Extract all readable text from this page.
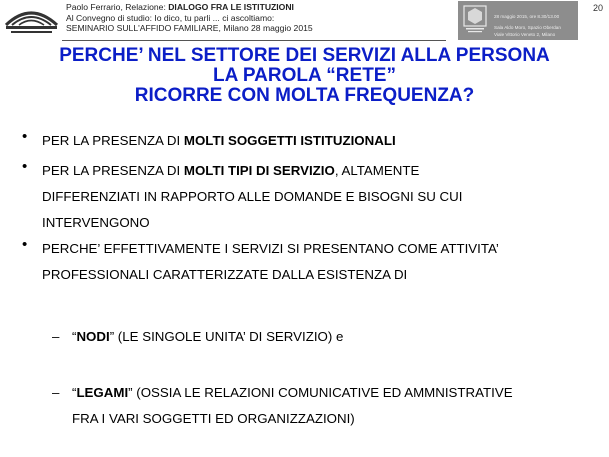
Paolo Ferrario, Relazione: DIALOGO FRA LE ISTITUZIONI
Al Convegno di studio: Io dico, tu parli ... ci ascoltiamo:
SEMINARIO SULL'AFFIDO FAMILIARE, Milano 28 maggio 2015
28 maggio 2015, ore 8.30/13.00
Sala Aldo Moro, Spazio Oberdan
Viale Vittorio Veneto 2, Milano
20
PERCHE’ NEL SETTORE DEI SERVIZI ALLA PERSONA
LA PAROLA “RETE”
RICORRE CON MOLTA FREQUENZA?
• PER LA PRESENZA DI MOLTI SOGGETTI ISTITUZIONALI
• PER LA PRESENZA DI MOLTI TIPI DI SERVIZIO, ALTAMENTE
DIFFERENZIATI IN RAPPORTO ALLE DOMANDE E BISOGNI SU CUI
INTERVENGONO
• PERCHE’ EFFETTIVAMENTE I SERVIZI SI PRESENTANO COME ATTIVITA’
PROFESSIONALI CARATTERIZZATE DALLA ESISTENZA DI
– “NODI” (LE SINGOLE UNITA’ DI SERVIZIO) e
– “LEGAMI” (OSSIA LE RELAZIONI COMUNICATIVE ED AMMNISTRATIVE
FRA I VARI SOGGETTI ED ORGANIZZAZIONI)
